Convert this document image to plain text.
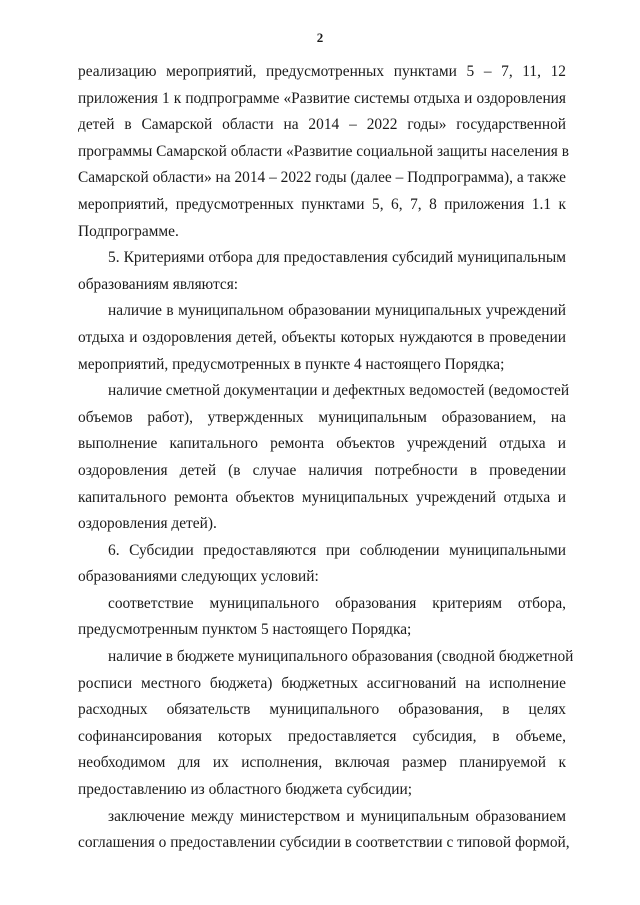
2
реализацию мероприятий, предусмотренных пунктами 5 – 7, 11, 12
приложения 1 к подпрограмме «Развитие системы отдыха и оздоровления
детей в Самарской области на 2014 – 2022 годы» государственной
программы Самарской области «Развитие социальной защиты населения в
Самарской области» на 2014 – 2022 годы (далее – Подпрограмма), а также
мероприятий, предусмотренных пунктами 5, 6, 7, 8 приложения 1.1 к
Подпрограмме.
5. Критериями отбора для предоставления субсидий муниципальным
образованиям являются:
наличие в муниципальном образовании муниципальных учреждений
отдыха и оздоровления детей, объекты которых нуждаются в проведении
мероприятий, предусмотренных в пункте 4 настоящего Порядка;
наличие сметной документации и дефектных ведомостей (ведомостей
объемов работ), утвержденных муниципальным образованием, на
выполнение капитального ремонта объектов учреждений отдыха и
оздоровления детей (в случае наличия потребности в проведении
капитального ремонта объектов муниципальных учреждений отдыха и
оздоровления детей).
6. Субсидии предоставляются при соблюдении муниципальными
образованиями следующих условий:
соответствие муниципального образования критериям отбора,
предусмотренным пунктом 5 настоящего Порядка;
наличие в бюджете муниципального образования (сводной бюджетной
росписи местного бюджета) бюджетных ассигнований на исполнение
расходных обязательств муниципального образования, в целях
софинансирования которых предоставляется субсидия, в объеме,
необходимом для их исполнения, включая размер планируемой к
предоставлению из областного бюджета субсидии;
заключение между министерством и муниципальным образованием
соглашения о предоставлении субсидии в соответствии с типовой формой,
